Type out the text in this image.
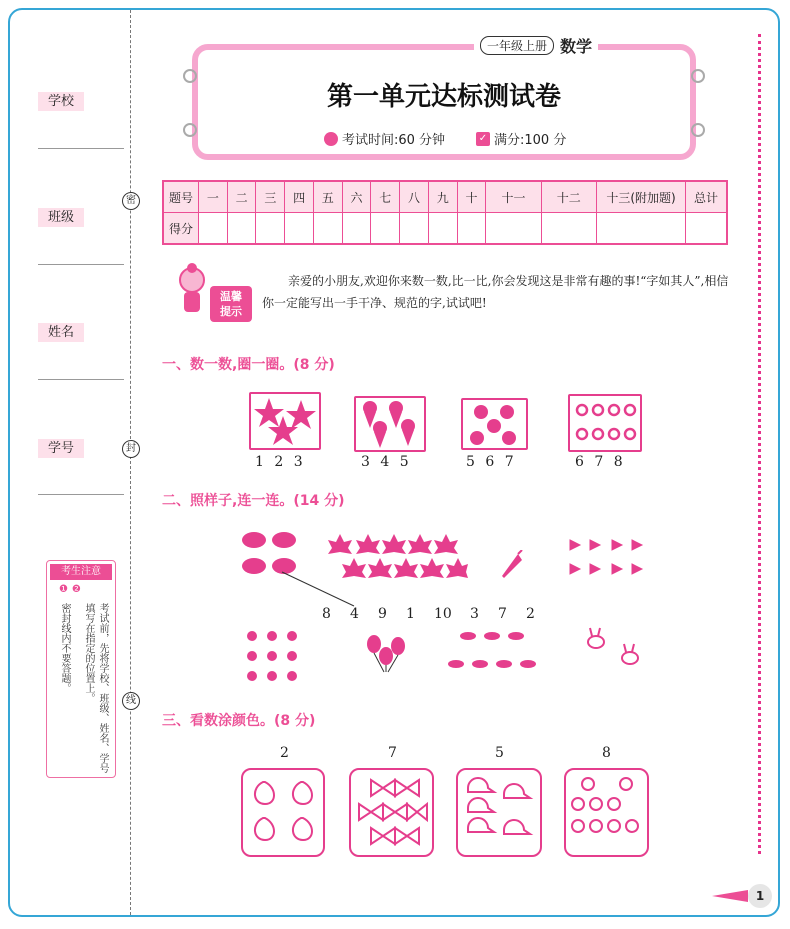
学校
班级
姓名
学号
密
封
线
考生注意
❶❷
密封线内不要答题。	考试前，先将学校、班级、姓名、学号填写在指定的位置上。
一年级上册 数学
第一单元达标测试卷
考试时间:60 分钟	✓ 满分:100 分
题号	一	二	三	四	五	六	七	八	九	十	十一	十二	十三(附加题)	总计
得分														
温馨
提示
亲爱的小朋友,欢迎你来数一数,比一比,你会发现这是非常有趣的事!“字如其人”,相信你一定能写出一手干净、规范的字,试试吧!
一、数一数,圈一圈。(8 分)
1 2 3	3 4 5	5 6 7	6 7 8
二、照样子,连一连。(14 分)
8 4 9 1 10 3 7 2
三、看数涂颜色。(8 分)
2	7	5	8
1
